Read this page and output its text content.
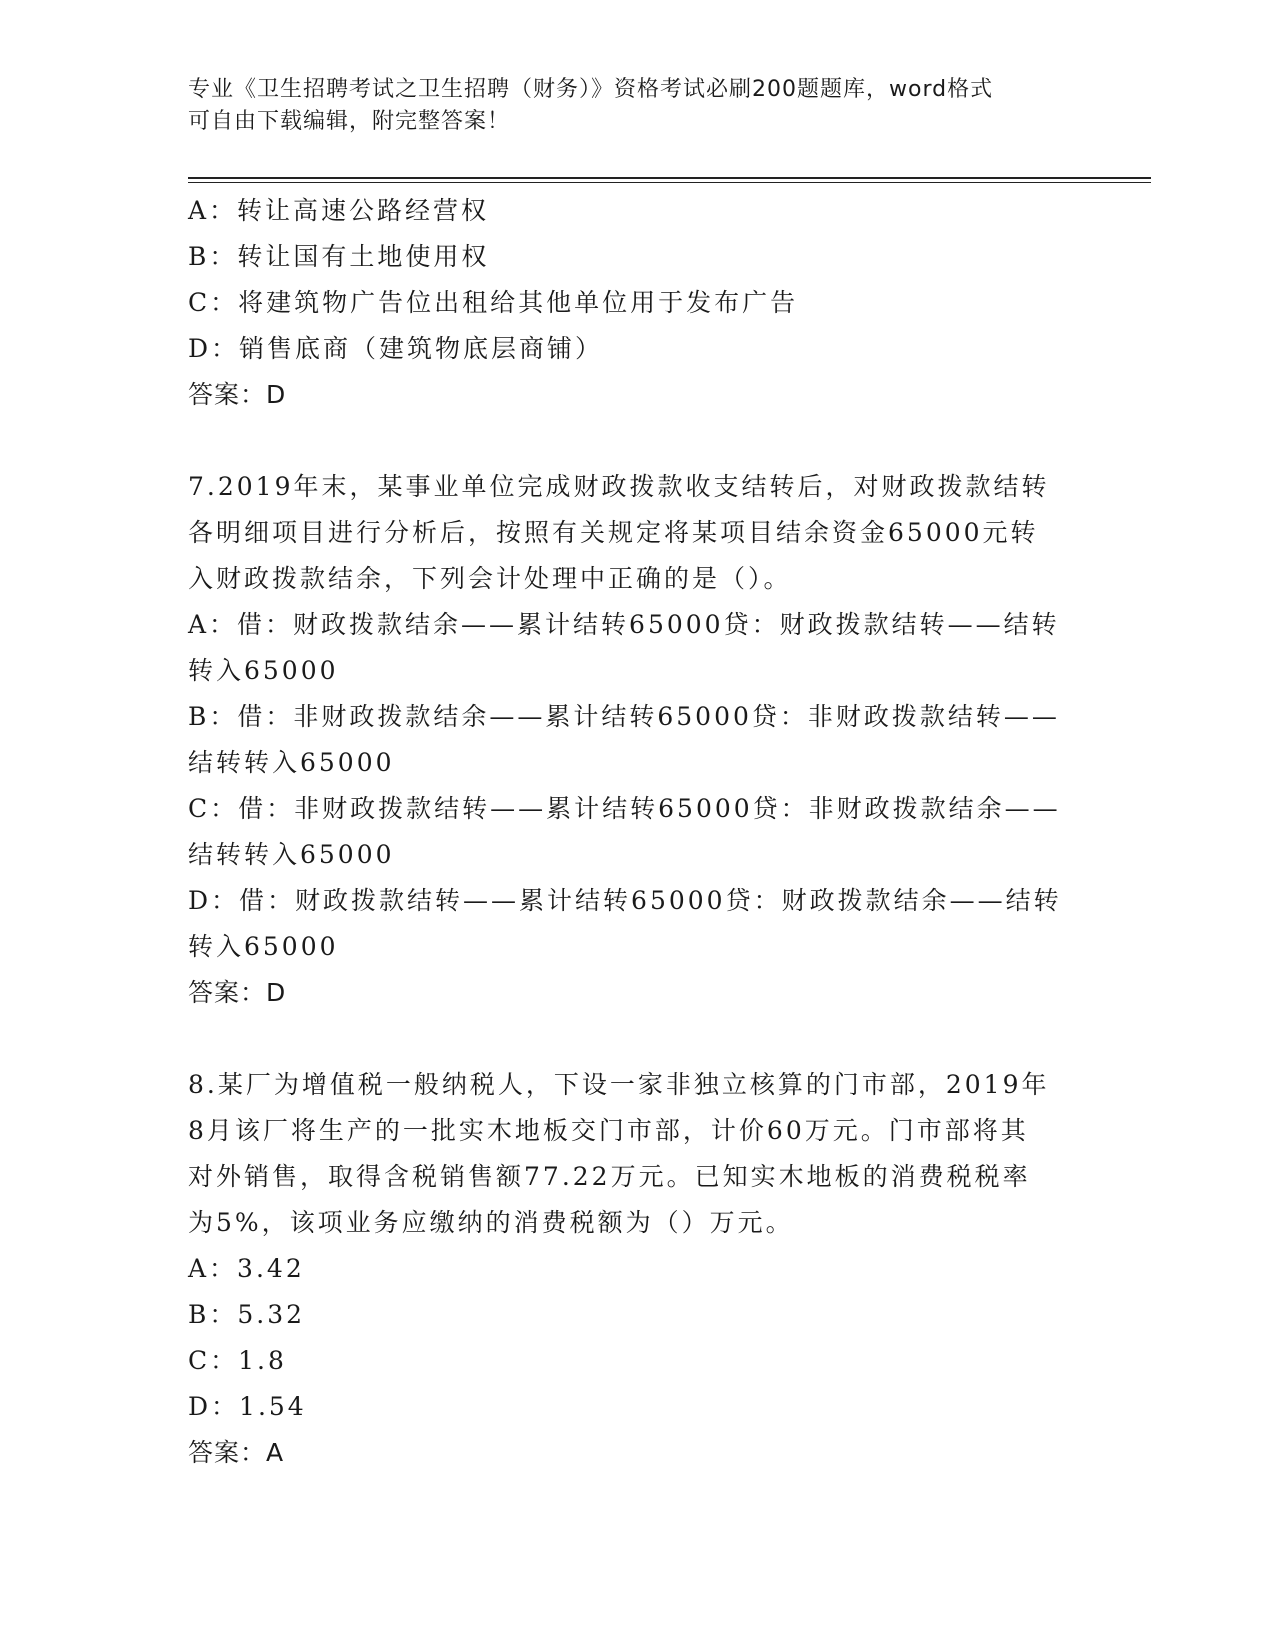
专业《卫生招聘考试之卫生招聘（财务）》资格考试必刷200题题库，word格式
可自由下载编辑，附完整答案！

A：转让高速公路经营权

B：转让国有土地使用权

C：将建筑物广告位出租给其他单位用于发布广告

D：销售底商（建筑物底层商铺）

答案：D

7.2019年末，某事业单位完成财政拨款收支结转后，对财政拨款结转

各明细项目进行分析后，按照有关规定将某项目结余资金65000元转

入财政拨款结余，下列会计处理中正确的是（）。

A：借：财政拨款结余——累计结转65000贷：财政拨款结转——结转

转入65000

B：借：非财政拨款结余——累计结转65000贷：非财政拨款结转——

结转转入65000

C：借：非财政拨款结转——累计结转65000贷：非财政拨款结余——

结转转入65000

D：借：财政拨款结转——累计结转65000贷：财政拨款结余——结转

转入65000

答案：D

8.某厂为增值税一般纳税人，下设一家非独立核算的门市部，2019年

8月该厂将生产的一批实木地板交门市部，计价60万元。门市部将其

对外销售，取得含税销售额77.22万元。已知实木地板的消费税税率

为5%，该项业务应缴纳的消费税额为（）万元。

A：3.42

B：5.32

C：1.8

D：1.54

答案：A
